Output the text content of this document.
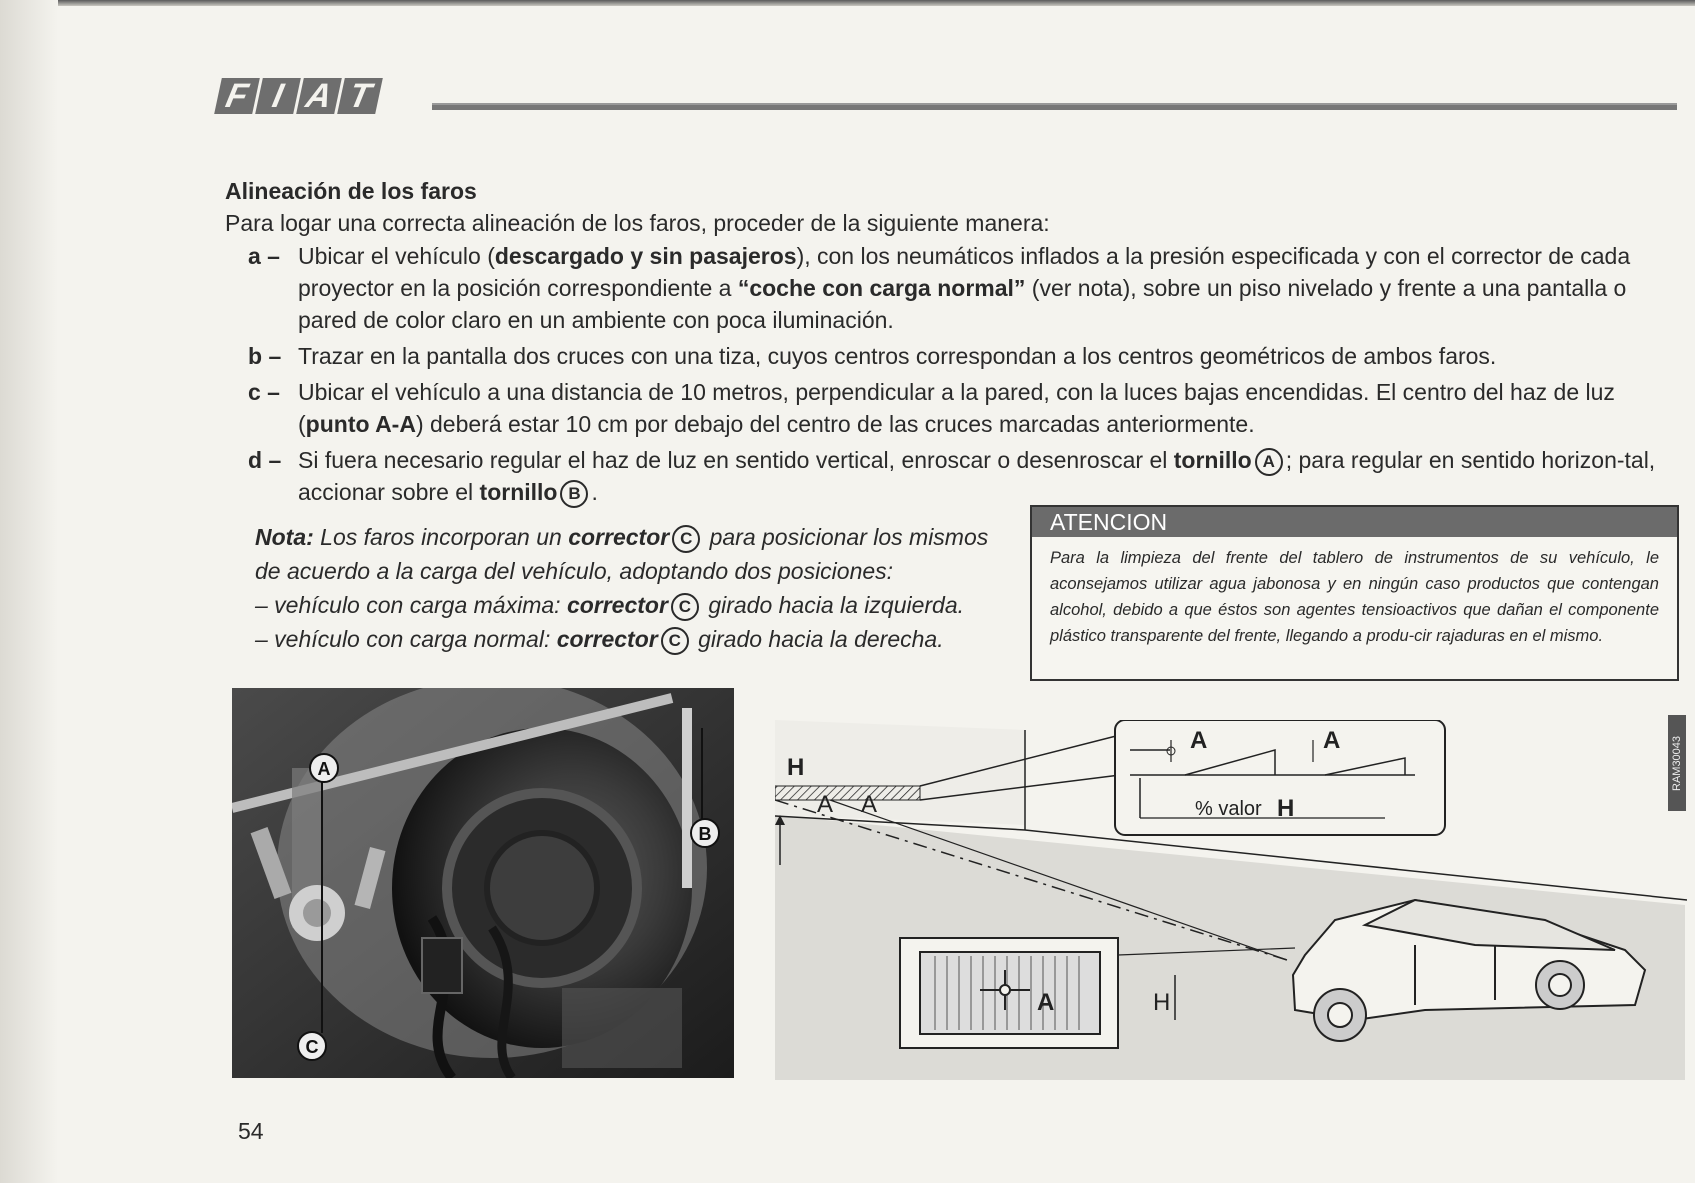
F I A T
Alineación de los faros

Para logar una correcta alineación de los faros, proceder de la siguiente manera:

a – Ubicar el vehículo (descargado y sin pasajeros), con los neumáticos inflados a la presión especificada y con el corrector de cada proyector en la posición correspondiente a “coche con carga normal” (ver nota), sobre un piso nivelado y frente a una pantalla o pared de color claro en un ambiente con poca iluminación.
b – Trazar en la pantalla dos cruces con una tiza, cuyos centros correspondan a los centros geométricos de ambos faros.
c – Ubicar el vehículo a una distancia de 10 metros, perpendicular a la pared, con la luces bajas encendidas. El centro del haz de luz (punto A-A) deberá estar 10 cm por debajo del centro de las cruces marcadas anteriormente.
d – Si fuera necesario regular el haz de luz en sentido vertical, enroscar o desenroscar el tornillo A ; para regular en sentido horizon-tal, accionar sobre el tornillo B .

Nota: Los faros incorporan un corrector C para posicionar los mismos de acuerdo a la carga del vehículo, adoptando dos posiciones:

– vehículo con carga máxima: corrector C girado hacia la izquierda.

– vehículo con carga normal: corrector C girado hacia la derecha.

ATENCION
Para la limpieza del frente del tablero de instrumentos de su vehículo, le aconsejamos utilizar agua jabonosa y en ningún caso productos que contengan alcohol, debido a que éstos son agentes tensioactivos que dañan el componente plástico transparente del frente, llegando a produ-cir rajaduras en el mismo.
A
B
C
H
A A
A	A
% valor H
A	H
RAM30043
54
